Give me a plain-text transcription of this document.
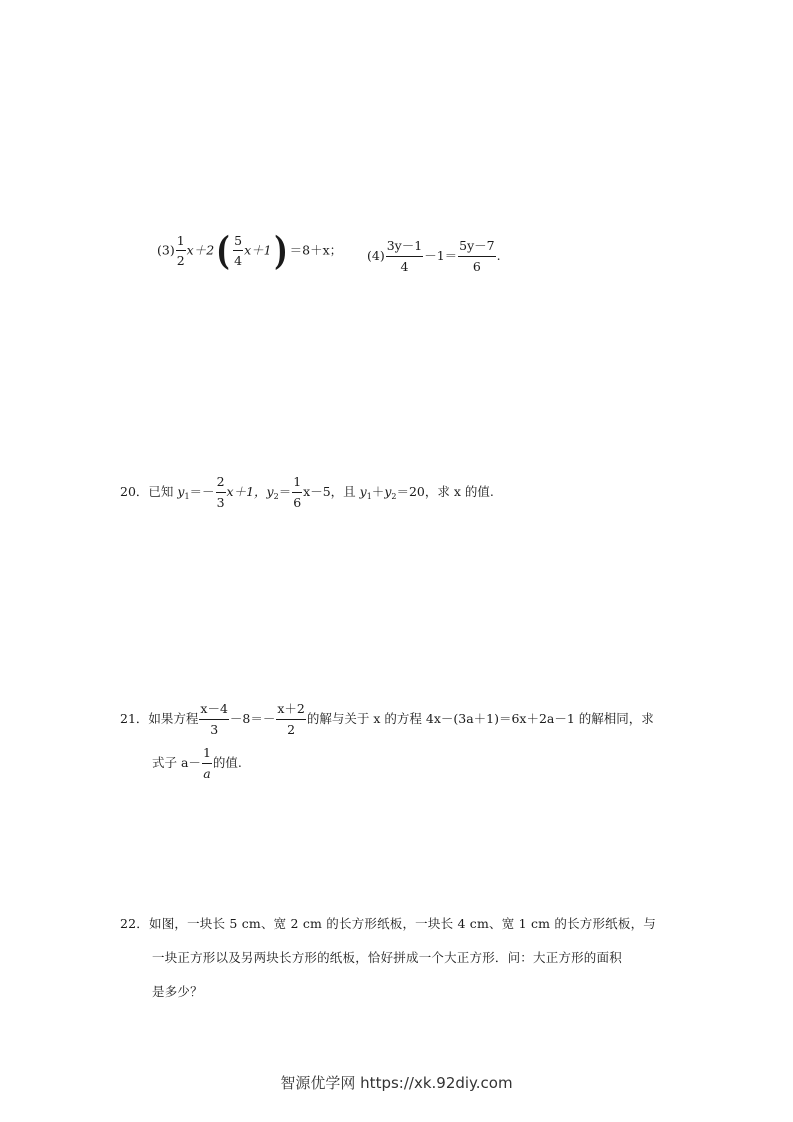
$(3) \frac{1}{2} x+2( \frac{5}{4} x+1) =8+x$； $(4) \frac{3y-1}{4} -1= \frac{5y-7}{6}$ .
20．已知 $y_1=- \frac{2}{3} x+1$，$y_2= \frac{1}{6} x-5$，且 $y_1+y_2=20$，求 x 的值.
21．如果方程 $\frac{x-4}{3} -8=- \frac{x+2}{2}$ 的解与关于 x 的方程 4x－(3a＋1)＝6x＋2a－1 的解相同，求
式子 $a- \frac{1}{a}$ 的值.
22．如图，一块长 5 cm、宽 2 cm 的长方形纸板，一块长 4 cm、宽 1 cm 的长方形纸板，与
一块正方形以及另两块长方形的纸板，恰好拼成一个大正方形．问：大正方形的面积
是多少？
智源优学网 https://xk.92diy.com
